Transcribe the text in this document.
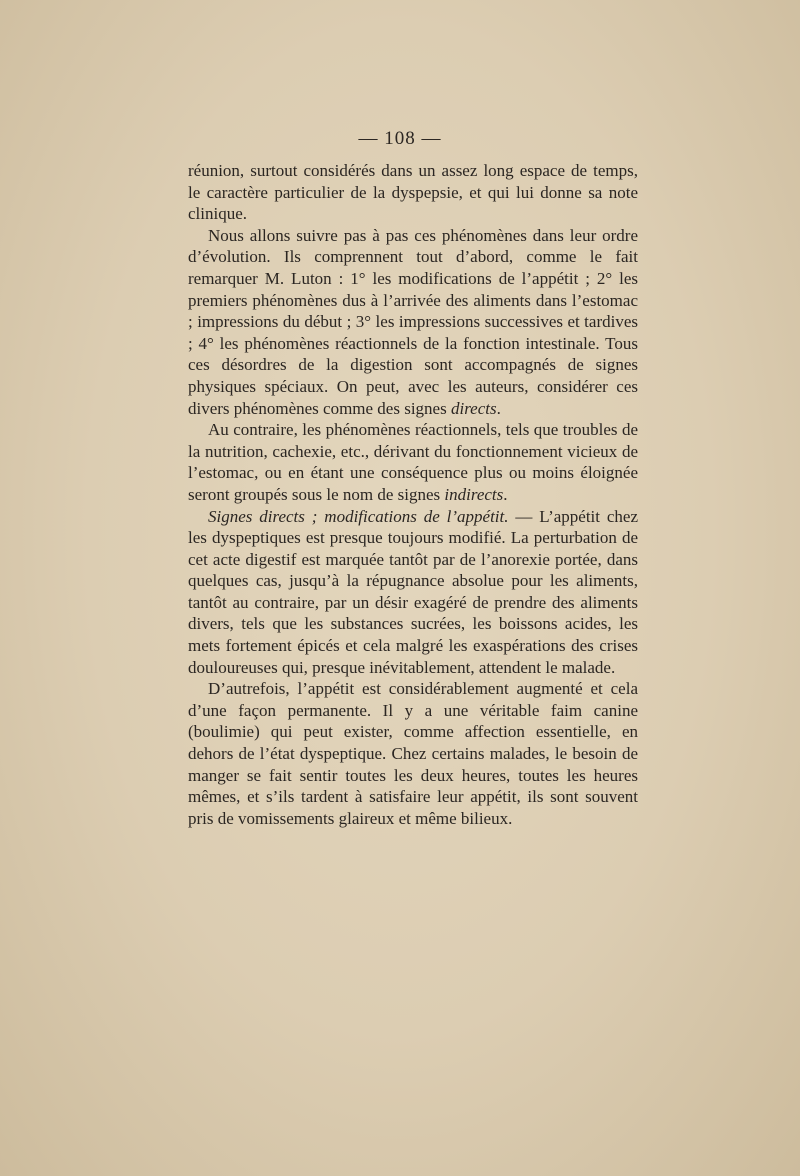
— 108 —

réunion, surtout considérés dans un assez long espace de temps, le caractère particulier de la dyspepsie, et qui lui donne sa note clinique.

Nous allons suivre pas à pas ces phénomènes dans leur ordre d’évolution. Ils comprennent tout d’abord, comme le fait remarquer M. Luton : 1° les modifications de l’appétit ; 2° les premiers phénomènes dus à l’arrivée des aliments dans l’estomac ; impressions du début ; 3° les impressions successives et tardives ; 4° les phénomènes réactionnels de la fonction intestinale. Tous ces désordres de la digestion sont accompagnés de signes physiques spéciaux. On peut, avec les auteurs, considérer ces divers phénomènes comme des signes directs.

Au contraire, les phénomènes réactionnels, tels que troubles de la nutrition, cachexie, etc., dérivant du fonctionnement vicieux de l’estomac, ou en étant une conséquence plus ou moins éloignée seront groupés sous le nom de signes indirects.

Signes directs ; modifications de l’appétit. — L’appétit chez les dyspeptiques est presque toujours modifié. La perturbation de cet acte digestif est marquée tantôt par de l’anorexie portée, dans quelques cas, jusqu’à la répugnance absolue pour les aliments, tantôt au contraire, par un désir exagéré de prendre des aliments divers, tels que les substances sucrées, les boissons acides, les mets fortement épicés et cela malgré les exaspérations des crises douloureuses qui, presque inévitablement, attendent le malade.

D’autrefois, l’appétit est considérablement augmenté et cela d’une façon permanente. Il y a une véritable faim canine (boulimie) qui peut exister, comme affection essentielle, en dehors de l’état dyspeptique. Chez certains malades, le besoin de manger se fait sentir toutes les deux heures, toutes les heures mêmes, et s’ils tardent à satisfaire leur appétit, ils sont souvent pris de vomissements glaireux et même bilieux.
